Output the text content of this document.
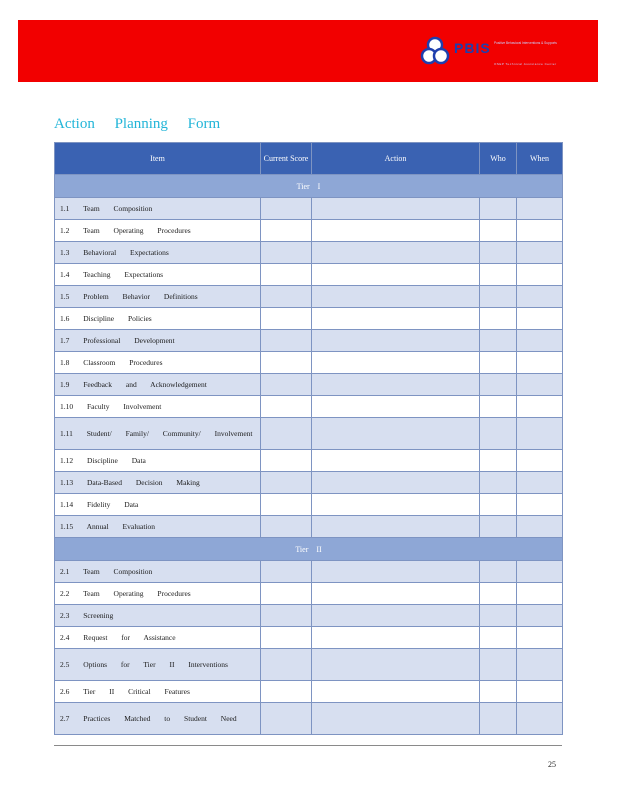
PBIS Positive Behavioral Interventions & Supports
OSEP Technical Assistance Center
Action Planning Form
Item	Current Score	Action	Who	When
Tier I				
1.1 Team Composition				
1.2 Team Operating Procedures				
1.3 Behavioral Expectations				
1.4 Teaching Expectations				
1.5 Problem Behavior Definitions				
1.6 Discipline Policies				
1.7 Professional Development				
1.8 Classroom Procedures				
1.9 Feedback and Acknowledgement				
1.10 Faculty Involvement				
1.11 Student/ Family/ Community/ Involvement				
1.12 Discipline Data				
1.13 Data-Based Decision Making				
1.14 Fidelity Data				
1.15 Annual Evaluation				
Tier II				
2.1 Team Composition				
2.2 Team Operating Procedures				
2.3 Screening				
2.4 Request for Assistance				
2.5 Options for Tier II Interventions				
2.6 Tier II Critical Features				
2.7 Practices Matched to Student Need				
25
